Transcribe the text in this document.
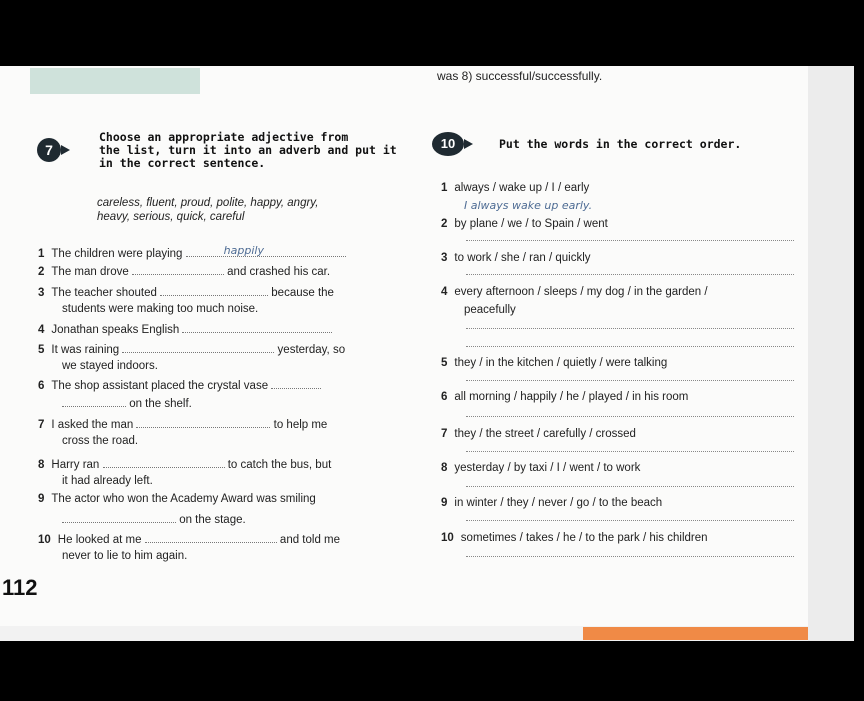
was 8) successful/successfully.
7
Choose an appropriate adjective from
the list, turn it into an adverb and put it
in the correct sentence.
careless, fluent, proud, polite, happy, angry,
heavy, serious, quick, careful
1 The children were playing	happily
2 The man drove	and crashed his car.
3 The teacher shouted	because the
students were making too much noise.
4 Jonathan speaks English
5 It was raining	yesterday, so
we stayed indoors.
6 The shop assistant placed the crystal vase
on the shelf.
7 I asked the man	to help me
cross the road.
8 Harry ran	to catch the bus, but
it had already left.
9 The actor who won the Academy Award was smiling
on the stage.
10 He looked at me	and told me
never to lie to him again.
10	Put the words in the correct order.
1 always / wake up / I / early
I always wake up early.
2 by plane / we / to Spain / went
3 to work / she / ran / quickly
4 every afternoon / sleeps / my dog / in the garden /
peacefully
5 they / in the kitchen / quietly / were talking
6 all morning / happily / he / played / in his room
7 they / the street / carefully / crossed
8 yesterday / by taxi / I / went / to work
9 in winter / they / never / go / to the beach
10 sometimes / takes / he / to the park / his children
112
